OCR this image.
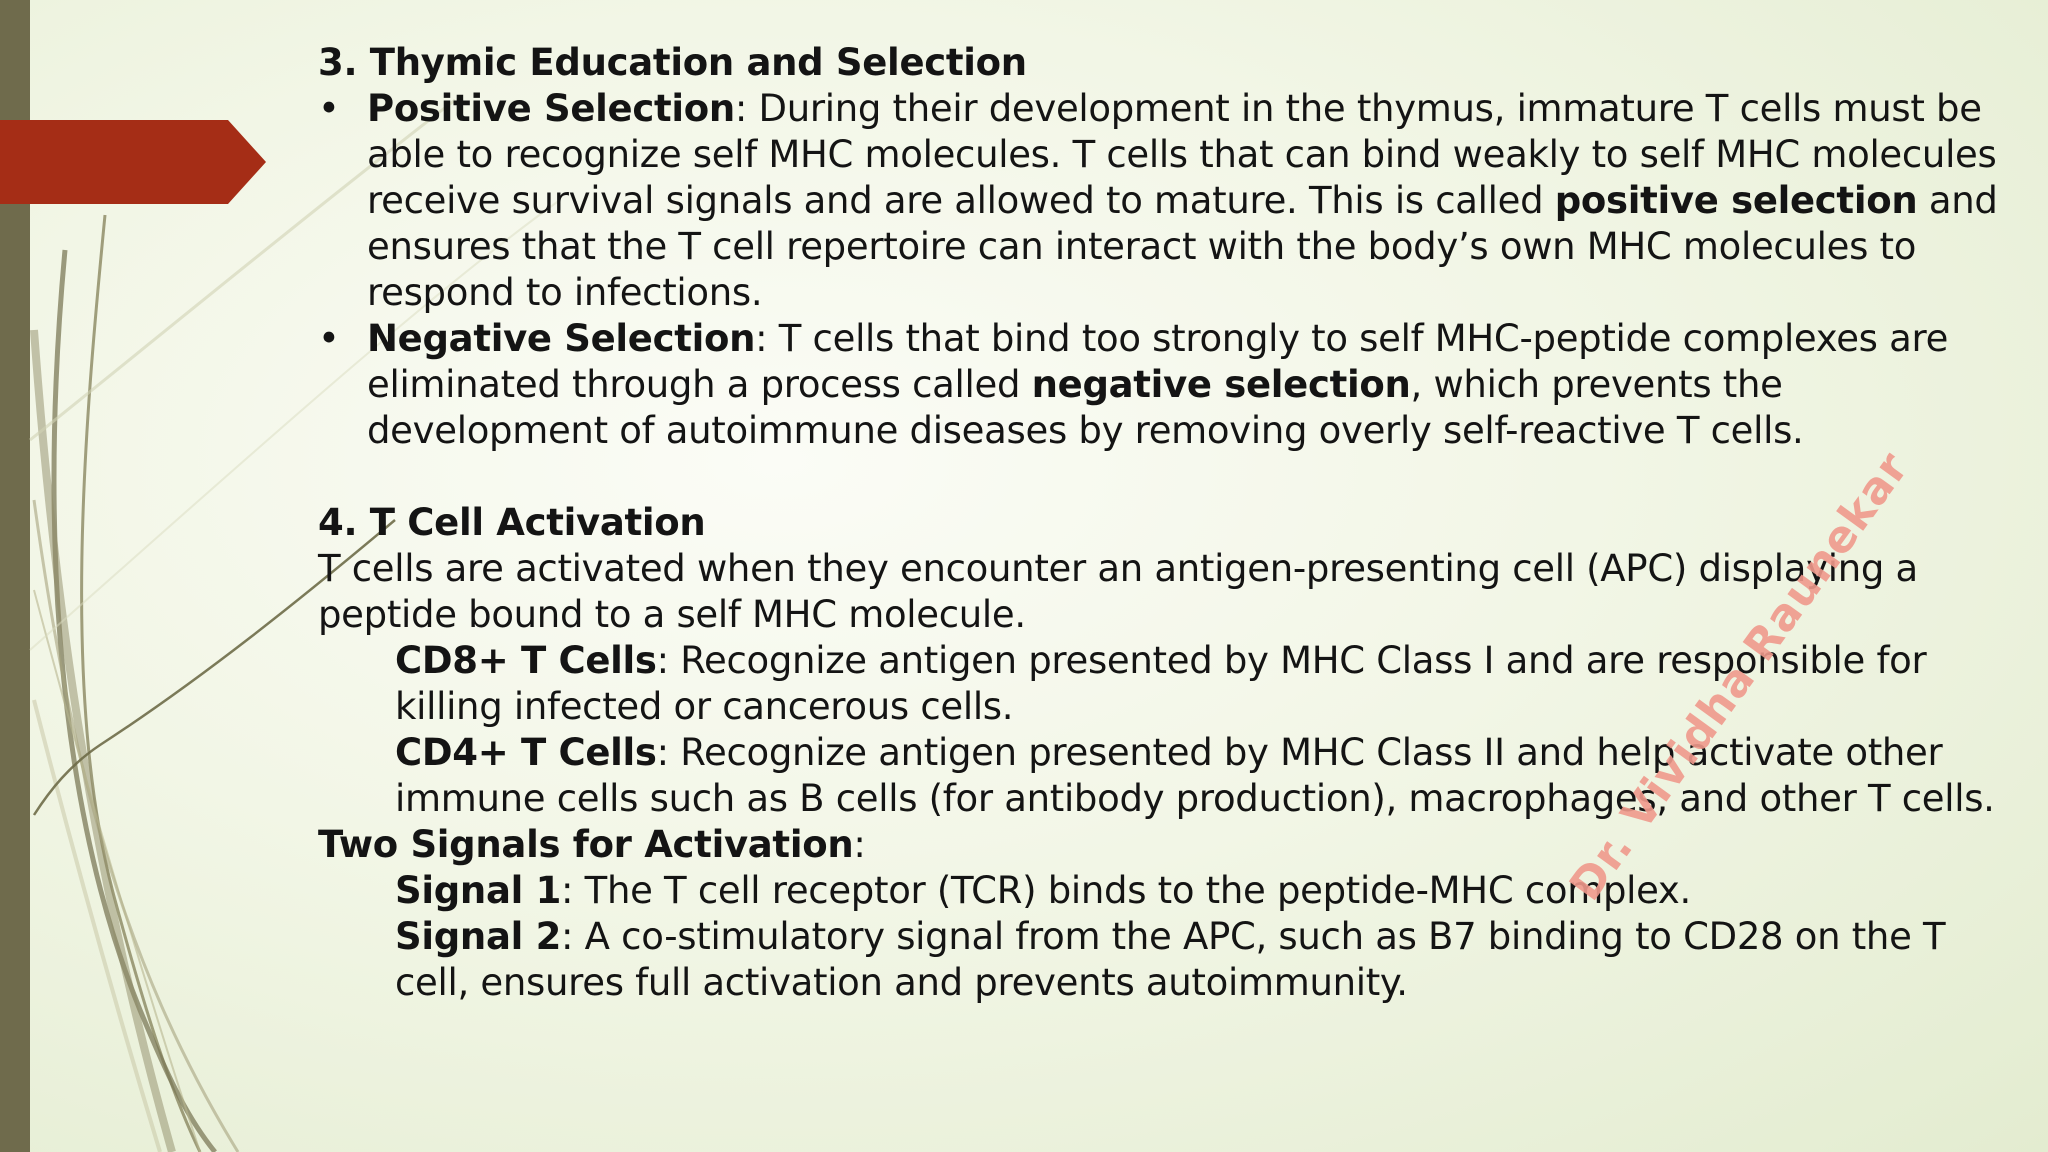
3. Thymic Education and Selection
• Positive Selection: During their development in the thymus, immature T cells must be able to recognize self MHC molecules. T cells that can bind weakly to self MHC molecules receive survival signals and are allowed to mature. This is called positive selection and ensures that the T cell repertoire can interact with the body’s own MHC molecules to respond to infections.
• Negative Selection: T cells that bind too strongly to self MHC-peptide complexes are eliminated through a process called negative selection, which prevents the development of autoimmune diseases by removing overly self-reactive T cells.
4. T Cell Activation
T cells are activated when they encounter an antigen-presenting cell (APC) displaying a peptide bound to a self MHC molecule.
CD8+ T Cells: Recognize antigen presented by MHC Class I and are responsible for killing infected or cancerous cells.
CD4+ T Cells: Recognize antigen presented by MHC Class II and help activate other immune cells such as B cells (for antibody production), macrophages, and other T cells.
Two Signals for Activation:
Signal 1: The T cell receptor (TCR) binds to the peptide-MHC complex.
Signal 2: A co-stimulatory signal from the APC, such as B7 binding to CD28 on the T cell, ensures full activation and prevents autoimmunity.
Dr. Vividha Raunekar
